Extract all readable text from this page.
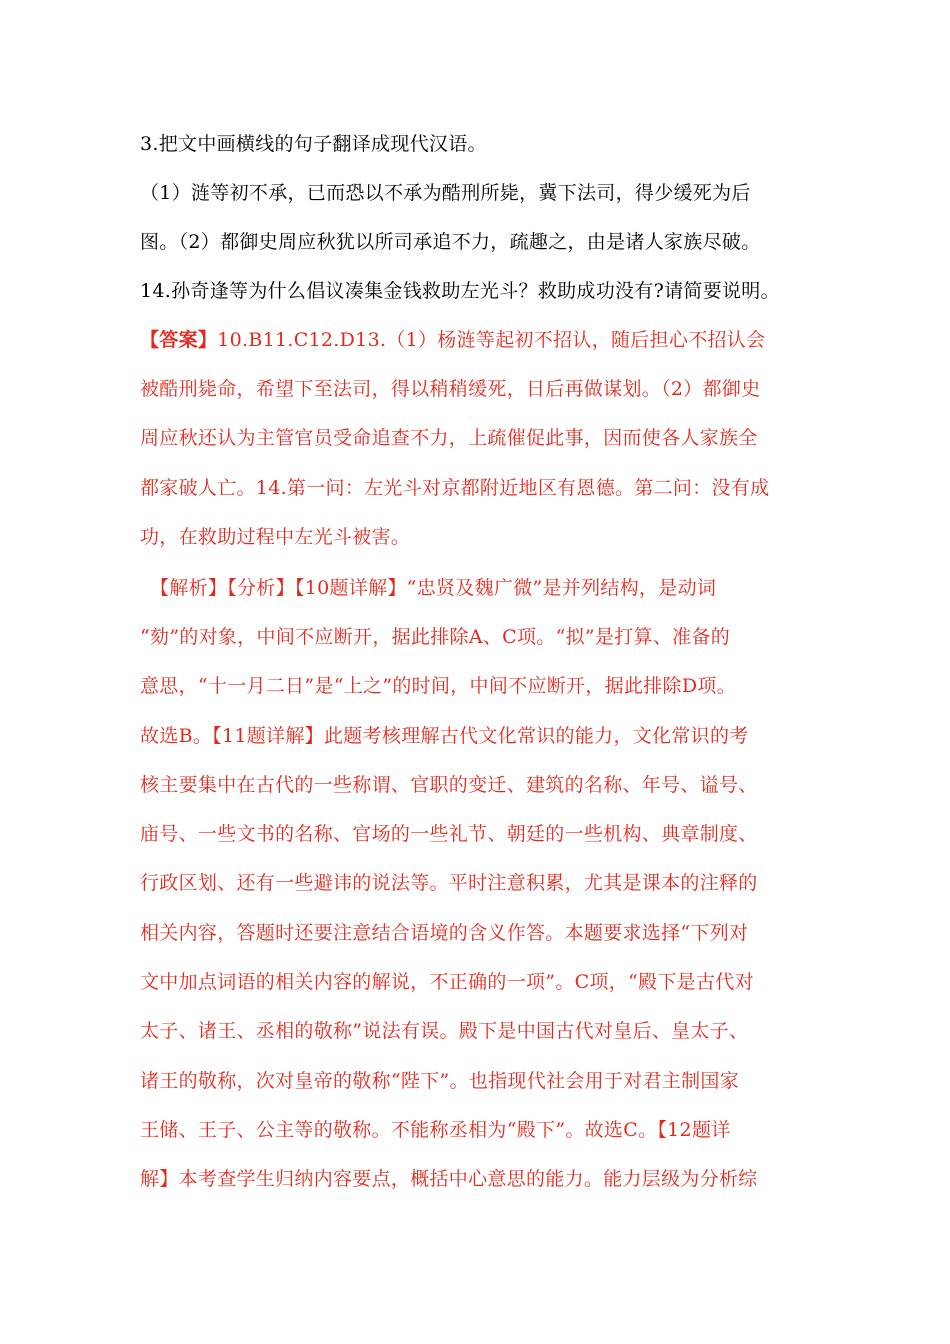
3.把文中画横线的句子翻译成现代汉语。
（1）涟等初不承，已而恐以不承为酷刑所毙，冀下法司，得少缓死为后
图。（2）都御史周应秋犹以所司承追不力，疏趣之，由是诸人家族尽破。
14.孙奇逢等为什么倡议凑集金钱救助左光斗？救助成功没有?请简要说明。
【答案】10.B11.C12.D13.（1）杨涟等起初不招认，随后担心不招认会
被酷刑毙命，希望下至法司，得以稍稍缓死，日后再做谋划。（2）都御史
周应秋还认为主管官员受命追查不力，上疏催促此事，因而使各人家族全
都家破人亡。14.第一问：左光斗对京都附近地区有恩德。第二问：没有成
功，在救助过程中左光斗被害。
【解析】【分析】【10题详解】“忠贤及魏广微”是并列结构，是动词
“劾”的对象，中间不应断开，据此排除A、C项。“拟”是打算、准备的
意思，“十一月二日”是“上之”的时间，中间不应断开，据此排除D项。
故选B。【11题详解】此题考核理解古代文化常识的能力，文化常识的考
核主要集中在古代的一些称谓、官职的变迁、建筑的名称、年号、谥号、
庙号、一些文书的名称、官场的一些礼节、朝廷的一些机构、典章制度、
行政区划、还有一些避讳的说法等。平时注意积累，尤其是课本的注释的
相关内容，答题时还要注意结合语境的含义作答。本题要求选择“下列对
文中加点词语的相关内容的解说，不正确的一项”。C项，“殿下是古代对
太子、诸王、丞相的敬称”说法有误。殿下是中国古代对皇后、皇太子、
诸王的敬称，次对皇帝的敬称“陛下”。也指现代社会用于对君主制国家
王储、王子、公主等的敬称。不能称丞相为“殿下”。故选C。【12题详
解】本考查学生归纳内容要点，概括中心意思的能力。能力层级为分析综
